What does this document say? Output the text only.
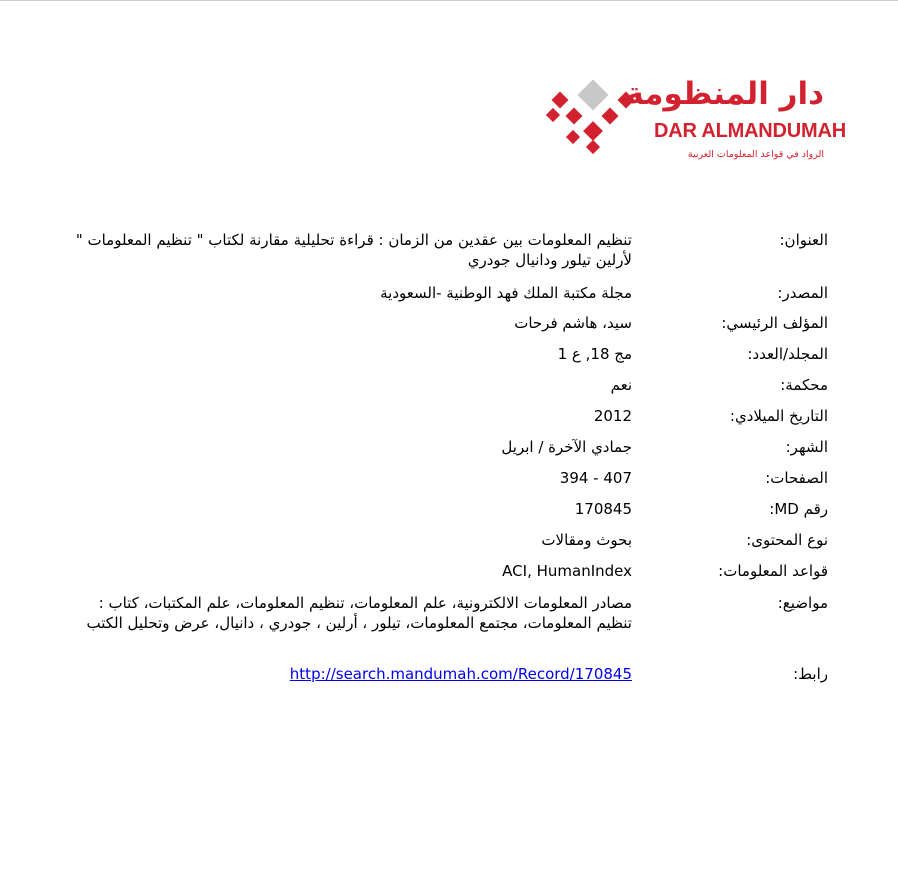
دار المنظومة
DAR ALMANDUMAH
الرواد في قواعد المعلومات العربية
العنوان:
تنظيم المعلومات بين عقدين من الزمان : قراءة تحليلية مقارنة لكتاب " تنظيم المعلومات " لأرلين تيلور ودانيال جودري
المصدر:
مجلة مكتبة الملك فهد الوطنية -السعودية
المؤلف الرئيسي:
سيد، هاشم فرحات
المجلد/العدد:
مج 18, ع 1
محكمة:
نعم
التاريخ الميلادي:
2012
الشهر:
جمادي الآخرة / ابريل
الصفحات:
394 - 407
رقم MD:
170845
نوع المحتوى:
بحوث ومقالات
قواعد المعلومات:
ACI, HumanIndex
مواضيع:
مصادر المعلومات الالكترونية، علم المعلومات، تنظيم المعلومات، علم المكتبات، كتاب : تنظيم المعلومات، مجتمع المعلومات، تيلور ، أرلين ، جودري ، دانيال، عرض وتحليل الكتب
رابط:
http://search.mandumah.com/Record/170845
